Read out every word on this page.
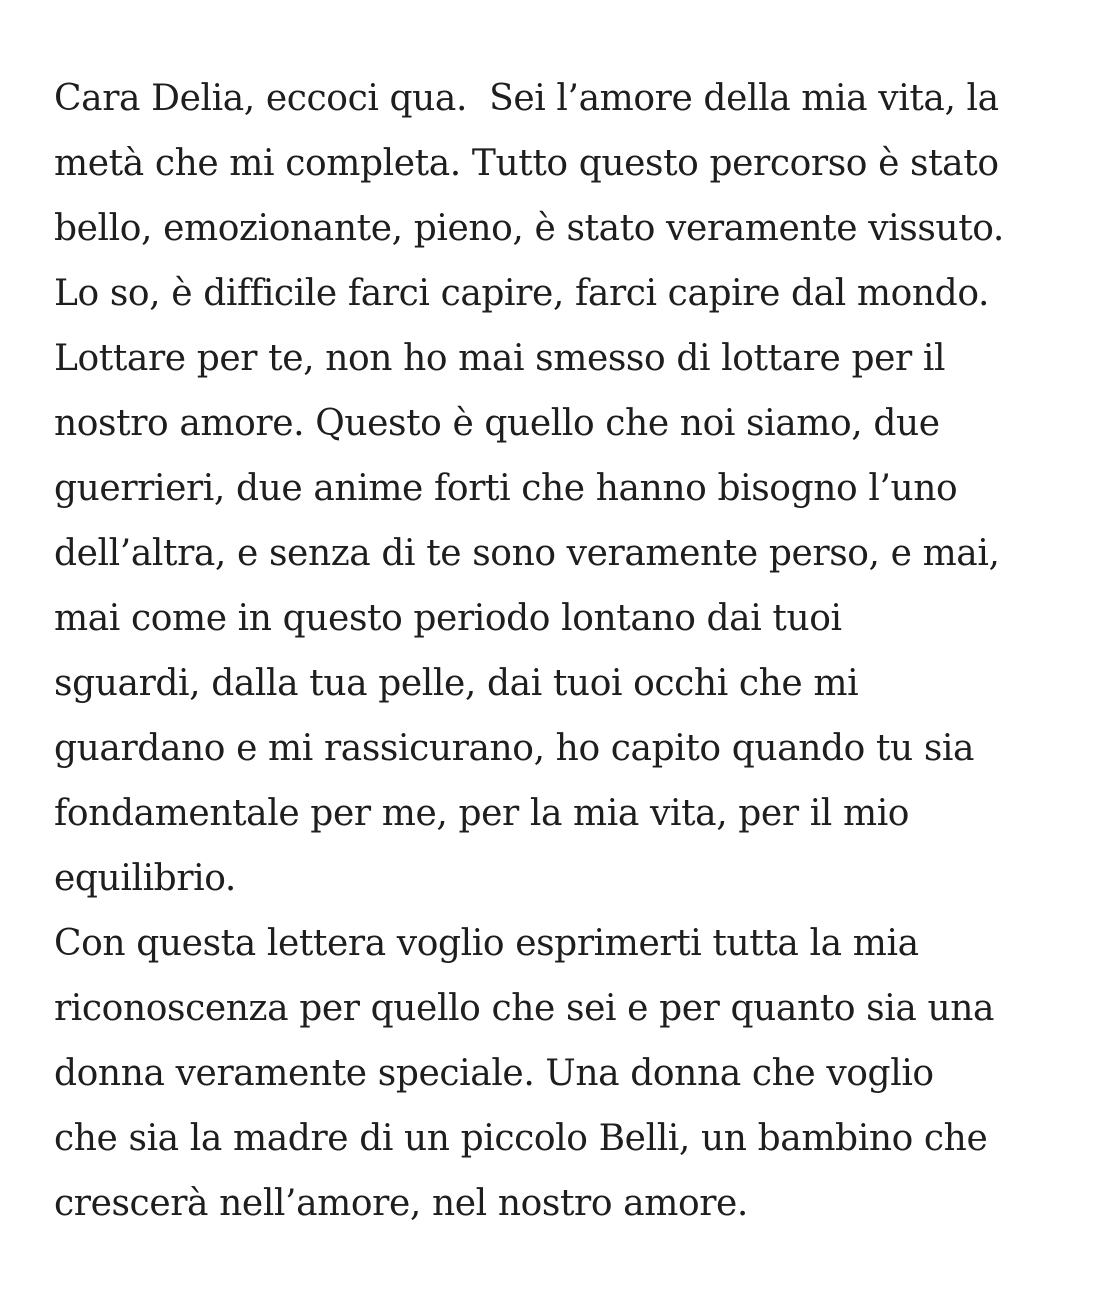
Cara Delia, eccoci qua.  Sei l’amore della mia vita, la
metà che mi completa. Tutto questo percorso è stato
bello, emozionante, pieno, è stato veramente vissuto.
Lo so, è difficile farci capire, farci capire dal mondo.
Lottare per te, non ho mai smesso di lottare per il
nostro amore. Questo è quello che noi siamo, due
guerrieri, due anime forti che hanno bisogno l’uno
dell’altra, e senza di te sono veramente perso, e mai,
mai come in questo periodo lontano dai tuoi
sguardi, dalla tua pelle, dai tuoi occhi che mi
guardano e mi rassicurano, ho capito quando tu sia
fondamentale per me, per la mia vita, per il mio
equilibrio.
Con questa lettera voglio esprimerti tutta la mia
riconoscenza per quello che sei e per quanto sia una
donna veramente speciale. Una donna che voglio
che sia la madre di un piccolo Belli, un bambino che
crescerà nell’amore, nel nostro amore.
